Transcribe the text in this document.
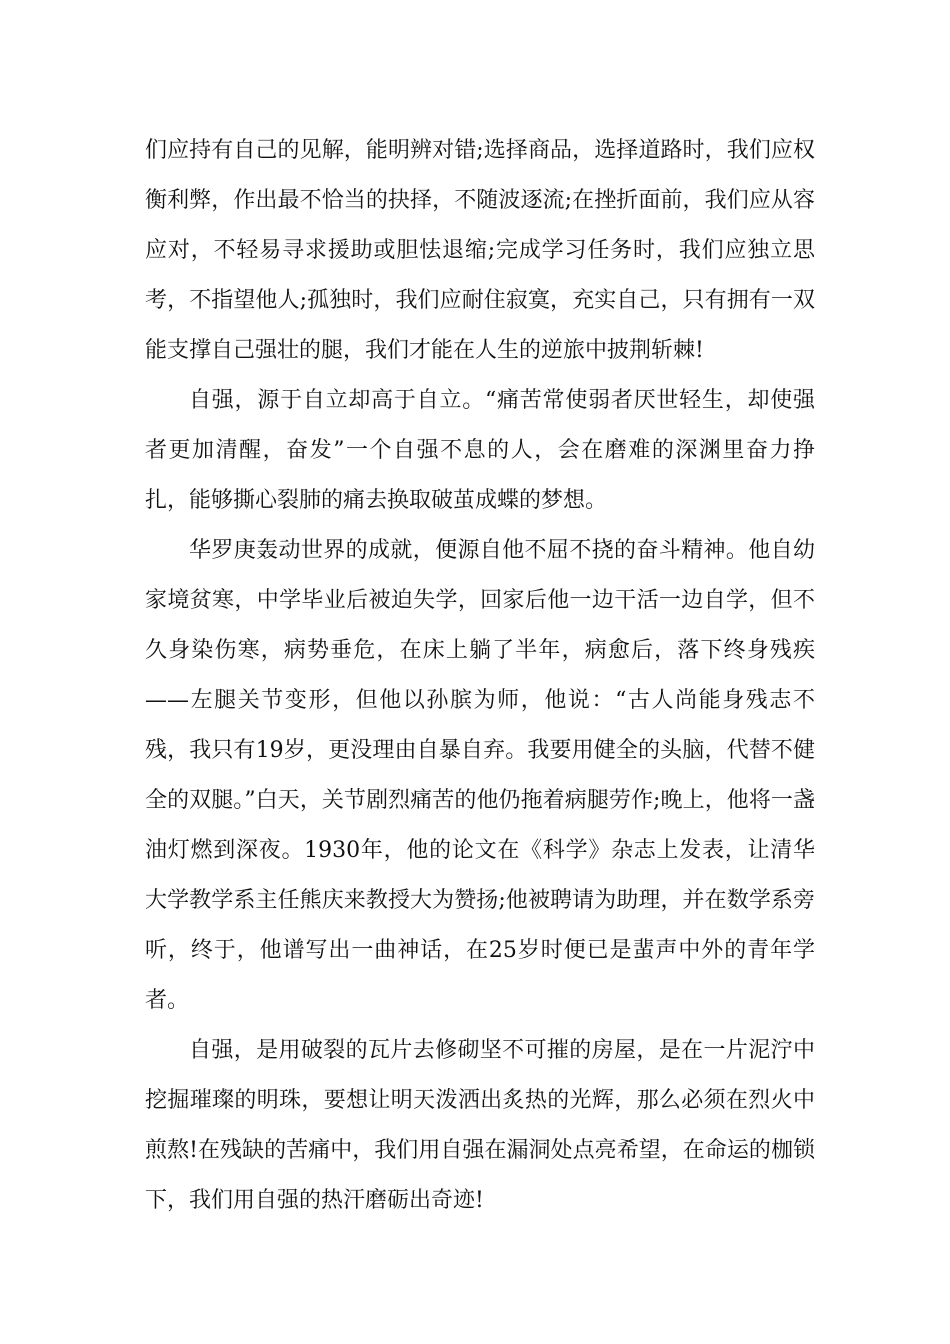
们应持有自己的见解，能明辨对错;选择商品，选择道路时，我们应权衡利弊，作出最不恰当的抉择，不随波逐流;在挫折面前，我们应从容应对，不轻易寻求援助或胆怯退缩;完成学习任务时，我们应独立思考，不指望他人;孤独时，我们应耐住寂寞，充实自己，只有拥有一双能支撑自己强壮的腿，我们才能在人生的逆旅中披荆斩棘!

自强，源于自立却高于自立。“痛苦常使弱者厌世轻生，却使强者更加清醒，奋发”一个自强不息的人，会在磨难的深渊里奋力挣扎，能够撕心裂肺的痛去换取破茧成蝶的梦想。

华罗庚轰动世界的成就，便源自他不屈不挠的奋斗精神。他自幼家境贫寒，中学毕业后被迫失学，回家后他一边干活一边自学，但不久身染伤寒，病势垂危，在床上躺了半年，病愈后，落下终身残疾——左腿关节变形，但他以孙膑为师，他说：“古人尚能身残志不残，我只有19岁，更没理由自暴自弃。我要用健全的头脑，代替不健全的双腿。”白天，关节剧烈痛苦的他仍拖着病腿劳作;晚上，他将一盏油灯燃到深夜。1930年，他的论文在《科学》杂志上发表，让清华大学教学系主任熊庆来教授大为赞扬;他被聘请为助理，并在数学系旁听，终于，他谱写出一曲神话，在25岁时便已是蜚声中外的青年学者。

自强，是用破裂的瓦片去修砌坚不可摧的房屋，是在一片泥泞中挖掘璀璨的明珠，要想让明天泼洒出炙热的光辉，那么必须在烈火中煎熬!在残缺的苦痛中，我们用自强在漏洞处点亮希望，在命运的枷锁下，我们用自强的热汗磨砺出奇迹!
